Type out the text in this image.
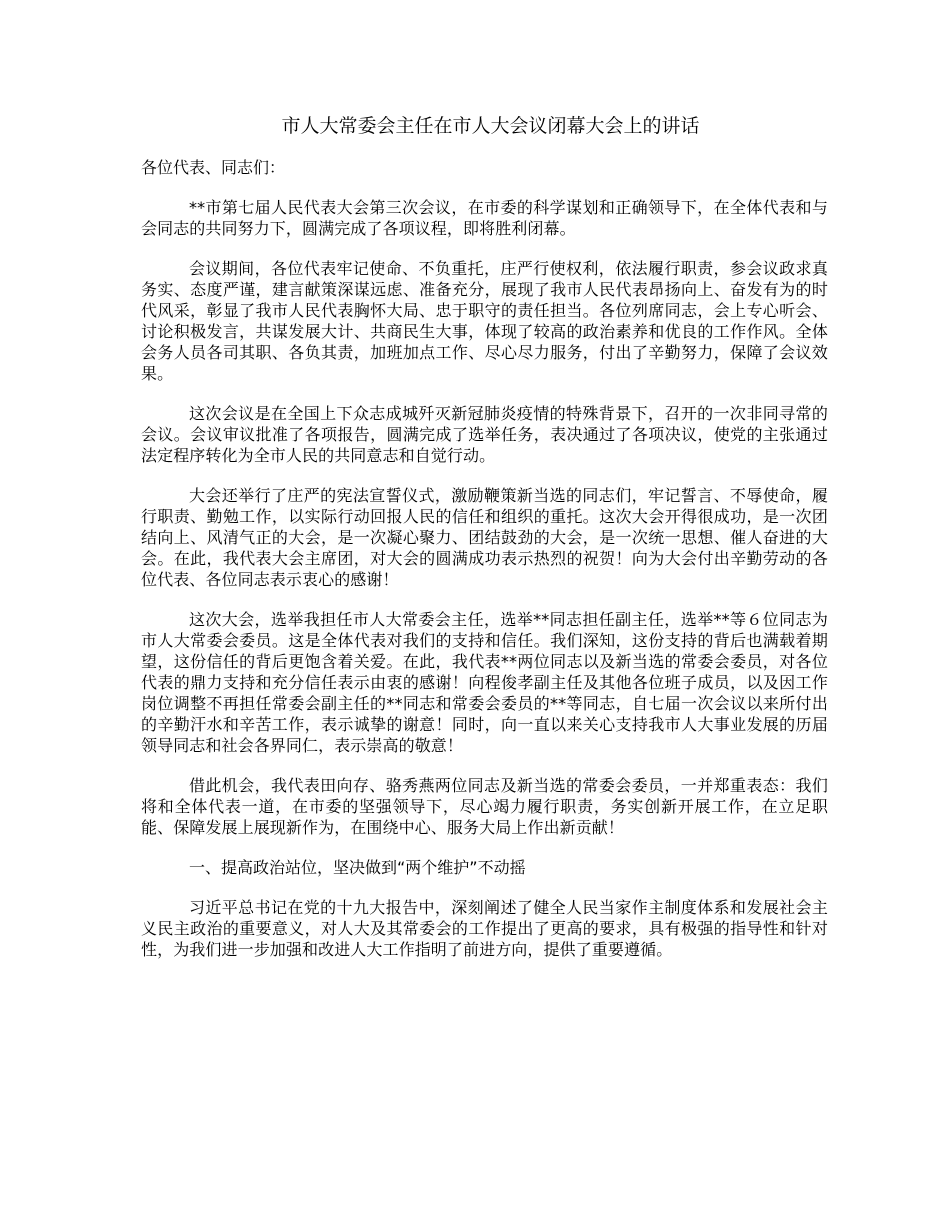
市人大常委会主任在市人大会议闭幕大会上的讲话

各位代表、同志们：

**市第七届人民代表大会第三次会议，在市委的科学谋划和正确领导下，在全体代表和与会同志的共同努力下，圆满完成了各项议程，即将胜利闭幕。

会议期间，各位代表牢记使命、不负重托，庄严行使权利，依法履行职责，参会议政求真务实、态度严谨，建言献策深谋远虑、准备充分，展现了我市人民代表昂扬向上、奋发有为的时代风采，彰显了我市人民代表胸怀大局、忠于职守的责任担当。各位列席同志，会上专心听会、讨论积极发言，共谋发展大计、共商民生大事，体现了较高的政治素养和优良的工作作风。全体会务人员各司其职、各负其责，加班加点工作、尽心尽力服务，付出了辛勤努力，保障了会议效果。

这次会议是在全国上下众志成城歼灭新冠肺炎疫情的特殊背景下，召开的一次非同寻常的会议。会议审议批准了各项报告，圆满完成了选举任务，表决通过了各项决议，使党的主张通过法定程序转化为全市人民的共同意志和自觉行动。

大会还举行了庄严的宪法宣誓仪式，激励鞭策新当选的同志们，牢记誓言、不辱使命，履行职责、勤勉工作，以实际行动回报人民的信任和组织的重托。这次大会开得很成功，是一次团结向上、风清气正的大会，是一次凝心聚力、团结鼓劲的大会，是一次统一思想、催人奋进的大会。在此，我代表大会主席团，对大会的圆满成功表示热烈的祝贺！向为大会付出辛勤劳动的各位代表、各位同志表示衷心的感谢！

这次大会，选举我担任市人大常委会主任，选举**同志担任副主任，选举**等６位同志为市人大常委会委员。这是全体代表对我们的支持和信任。我们深知，这份支持的背后也满载着期望，这份信任的背后更饱含着关爱。在此，我代表**两位同志以及新当选的常委会委员，对各位代表的鼎力支持和充分信任表示由衷的感谢！向程俊孝副主任及其他各位班子成员，以及因工作岗位调整不再担任常委会副主任的**同志和常委会委员的**等同志，自七届一次会议以来所付出的辛勤汗水和辛苦工作，表示诚挚的谢意！同时，向一直以来关心支持我市人大事业发展的历届领导同志和社会各界同仁，表示崇高的敬意！

借此机会，我代表田向存、骆秀燕两位同志及新当选的常委会委员，一并郑重表态：我们将和全体代表一道，在市委的坚强领导下，尽心竭力履行职责，务实创新开展工作，在立足职能、保障发展上展现新作为，在围绕中心、服务大局上作出新贡献！

一、提高政治站位，坚决做到“两个维护”不动摇

习近平总书记在党的十九大报告中，深刻阐述了健全人民当家作主制度体系和发展社会主义民主政治的重要意义，对人大及其常委会的工作提出了更高的要求，具有极强的指导性和针对性，为我们进一步加强和改进人大工作指明了前进方向，提供了重要遵循。
